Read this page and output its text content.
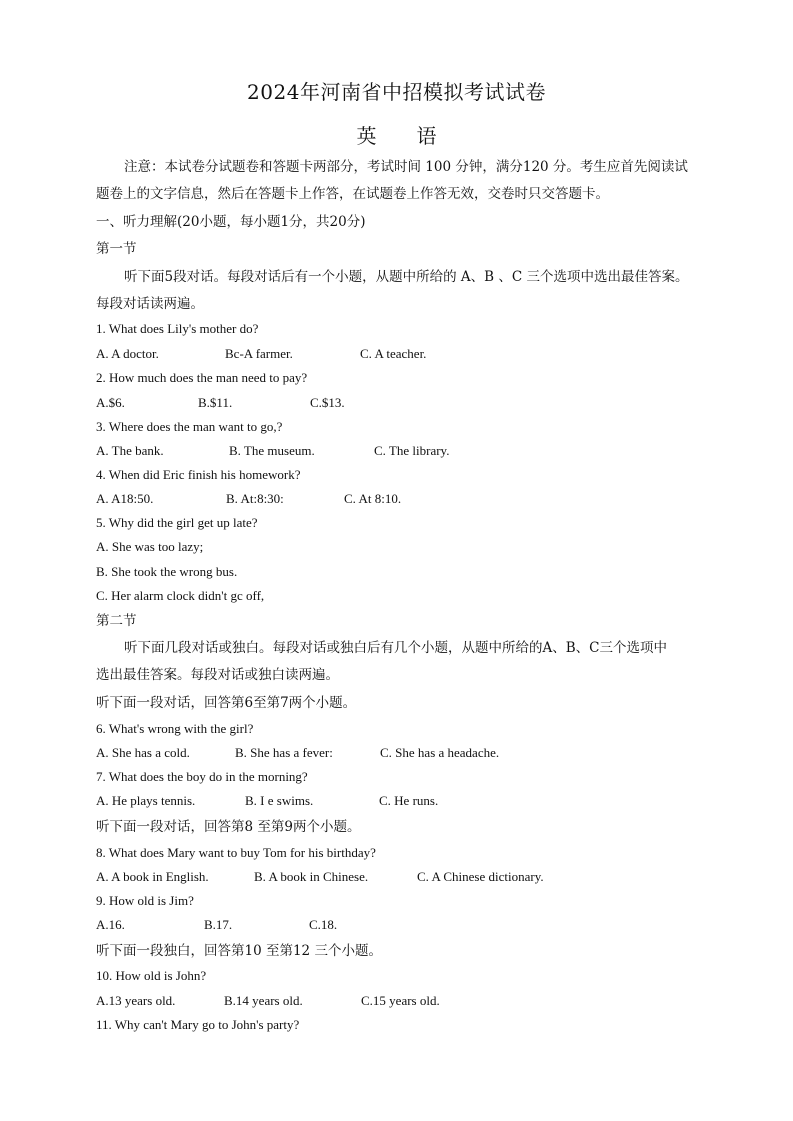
2024年河南省中招模拟考试试卷
英语
注意：本试卷分试题卷和答题卡两部分，考试时间 100 分钟，满分120 分。考生应首先阅读试
题卷上的文字信息，然后在答题卡上作答，在试题卷上作答无效，交卷时只交答题卡。
一、听力理解(20小题，每小题1分，共20分)
第一节
听下面5段对话。每段对话后有一个小题，从题中所给的 A、B 、C 三个选项中选出最佳答案。
每段对话读两遍。
1. What does Lily's mother do?
A. A doctor.	Bc-A farmer.	C. A teacher.
2. How much does the man need to pay?
A.$6.	B.$11.	C.$13.
3. Where does the man want to go,?
A. The bank.	B. The museum.	C. The library.
4. When did Eric finish his homework?
A. A18:50.	B. At:8:30:	C. At 8:10.
5. Why did the girl get up late?
A. She was too lazy;
B. She took the wrong bus.
C. Her alarm clock didn't gc off,
第二节
听下面几段对话或独白。每段对话或独白后有几个小题，从题中所给的A、B、C三个选项中
选出最佳答案。每段对话或独白读两遍。
听下面一段对话，回答第6至第7两个小题。
6. What's wrong with the girl?
A. She has a cold.	B. She has a fever:	C. She has a headache.
7. What does the boy do in the morning?
A. He plays tennis.	B. I e swims.	C. He runs.
听下面一段对话，回答第8 至第9两个小题。
8. What does Mary want to buy Tom for his birthday?
A. A book in English.	B. A book in Chinese.	C. A Chinese dictionary.
9. How old is Jim?
A.16.	B.17.	C.18.
听下面一段独白，回答第10 至第12 三个小题。
10. How old is John?
A.13 years old.	B.14 years old.	C.15 years old.
11. Why can't Mary go to John's party?
